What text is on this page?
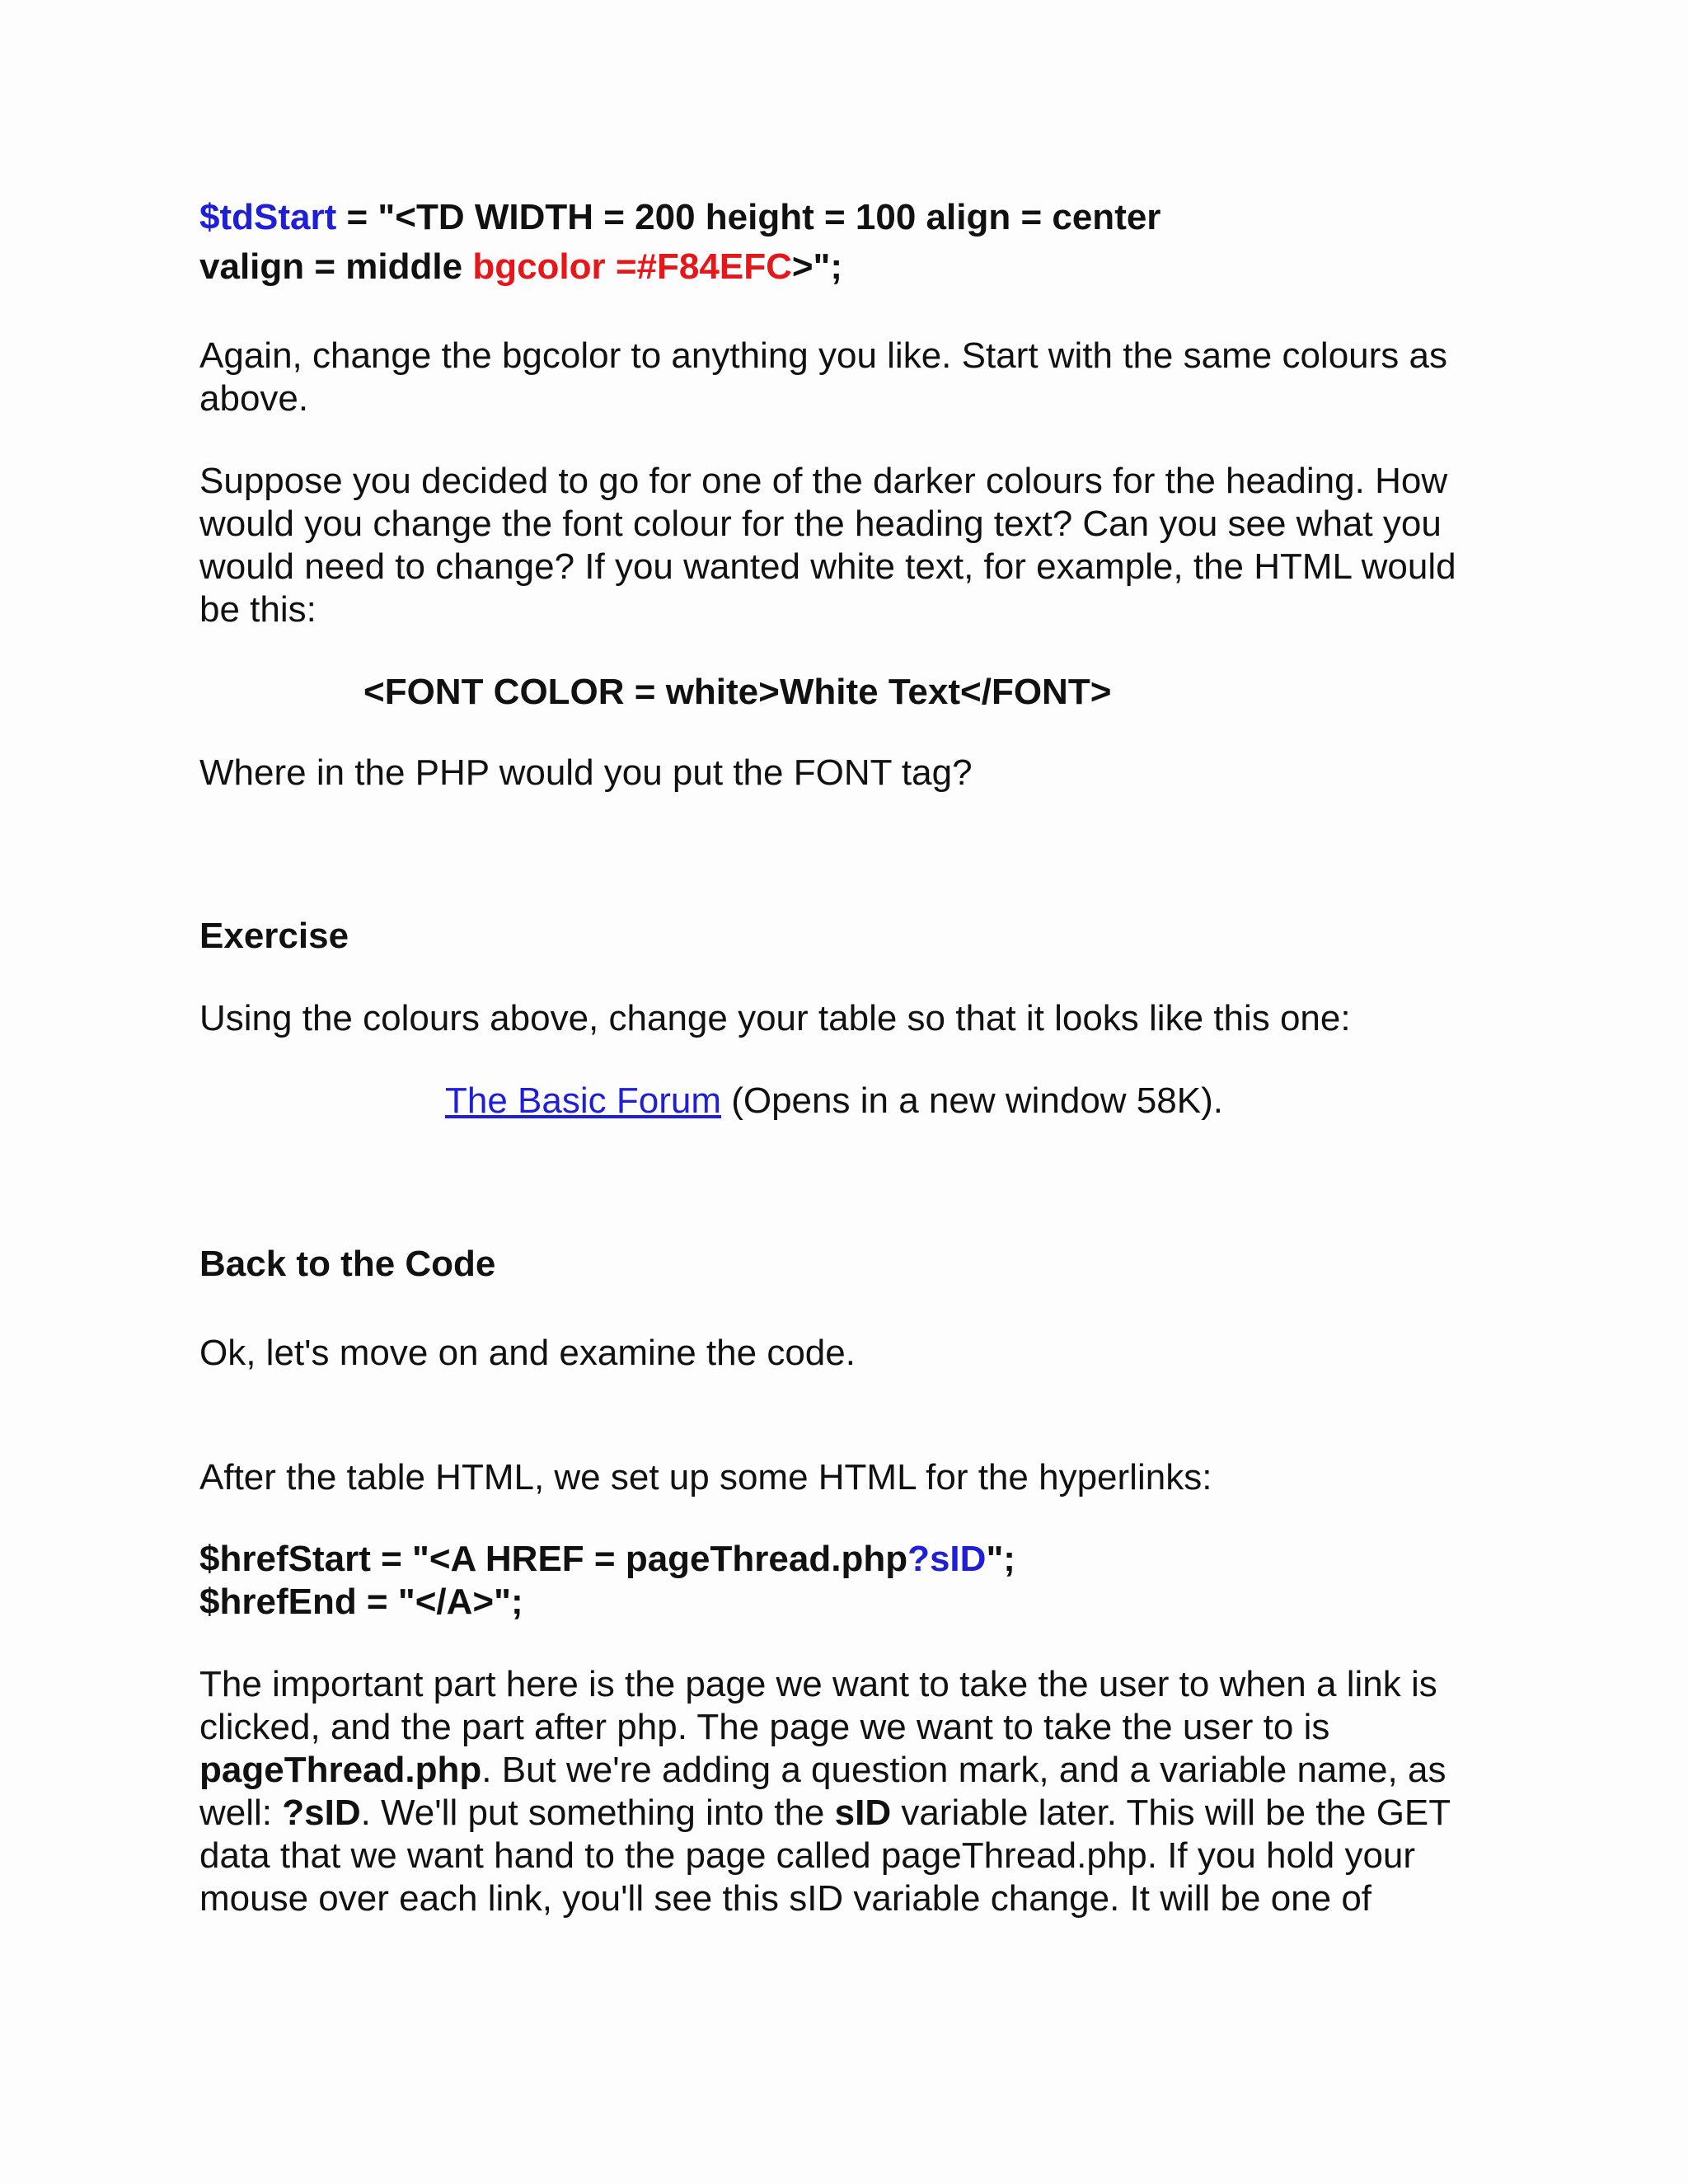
$tdStart = "<TD WIDTH = 200 height = 100 align = center
valign = middle bgcolor =#F84EFC>";

Again, change the bgcolor to anything you like. Start with the same colours as above.

Suppose you decided to go for one of the darker colours for the heading. How would you change the font colour for the heading text? Can you see what you would need to change? If you wanted white text, for example, the HTML would be this:

<FONT COLOR = white>White Text</FONT>

Where in the PHP would you put the FONT tag?

Exercise

Using the colours above, change your table so that it looks like this one:

The Basic Forum (Opens in a new window 58K).
Back to the Code

Ok, let's move on and examine the code.

After the table HTML, we set up some HTML for the hyperlinks:

$hrefStart = "<A HREF = pageThread.php?sID";
$hrefEnd = "</A>";

The important part here is the page we want to take the user to when a link is clicked, and the part after php. The page we want to take the user to is pageThread.php. But we're adding a question mark, and a variable name, as well: ?sID. We'll put something into the sID variable later. This will be the GET data that we want hand to the page called pageThread.php. If you hold your mouse over each link, you'll see this sID variable change. It will be one of
